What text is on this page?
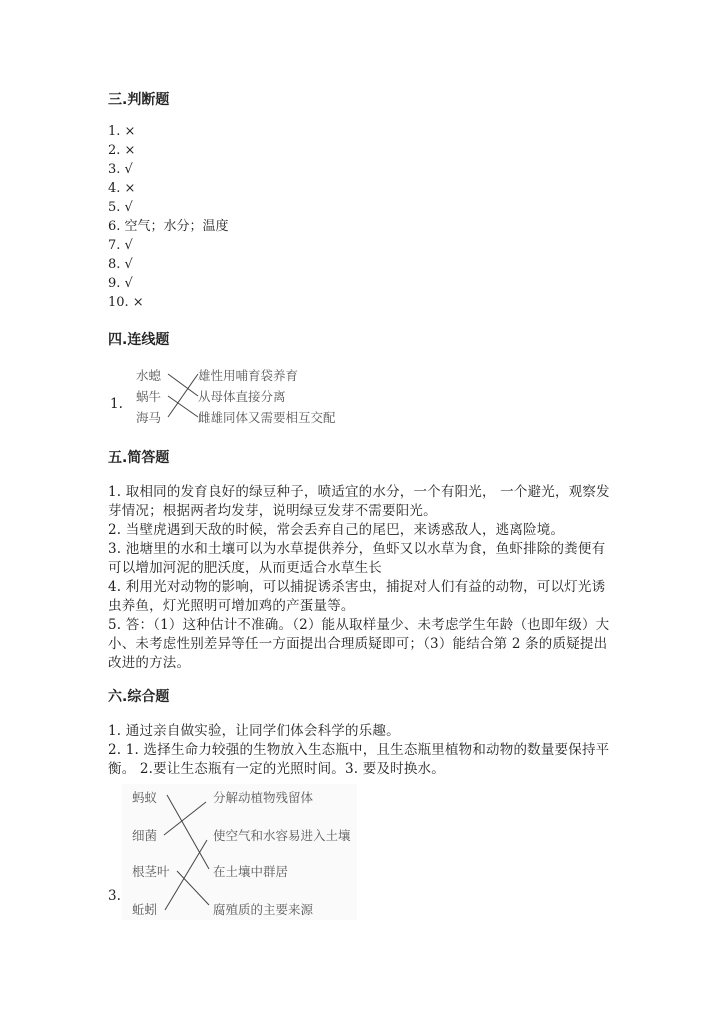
三.判断题
1. ×
2. ×
3. √
4. ×
5. √
6. 空气；水分；温度
7. √
8. √
9. √
10. ×
四.连线题
1.
水螅
蜗牛
海马
雄性用哺育袋养育
从母体直接分离
雌雄同体又需要相互交配
五.简答题
1. 取相同的发育良好的绿豆种子，喷适宜的水分，一个有阳光， 一个避光，观察发芽情况；根据两者均发芽，说明绿豆发芽不需要阳光。
2. 当壁虎遇到天敌的时候，常会丢弃自己的尾巴，来诱惑敌人，逃离险境。
3. 池塘里的水和土壤可以为水草提供养分，鱼虾又以水草为食，鱼虾排除的粪便有可以增加河泥的肥沃度，从而更适合水草生长
4. 利用光对动物的影响，可以捕捉诱杀害虫，捕捉对人们有益的动物，可以灯光诱虫养鱼，灯光照明可增加鸡的产蛋量等。
5. 答：（1）这种估计不准确。（2）能从取样量少、未考虑学生年龄（也即年级）大小、未考虑性别差异等任一方面提出合理质疑即可；（3）能结合第 2 条的质疑提出改进的方法。
六.综合题
1. 通过亲自做实验，让同学们体会科学的乐趣。
2. 1. 选择生命力较强的生物放入生态瓶中，且生态瓶里植物和动物的数量要保持平衡。 2.要让生态瓶有一定的光照时间。3. 要及时换水。
3.
蚂蚁
细菌
根茎叶
蚯蚓
分解动植物残留体
使空气和水容易进入土壤
在土壤中群居
腐殖质的主要来源
